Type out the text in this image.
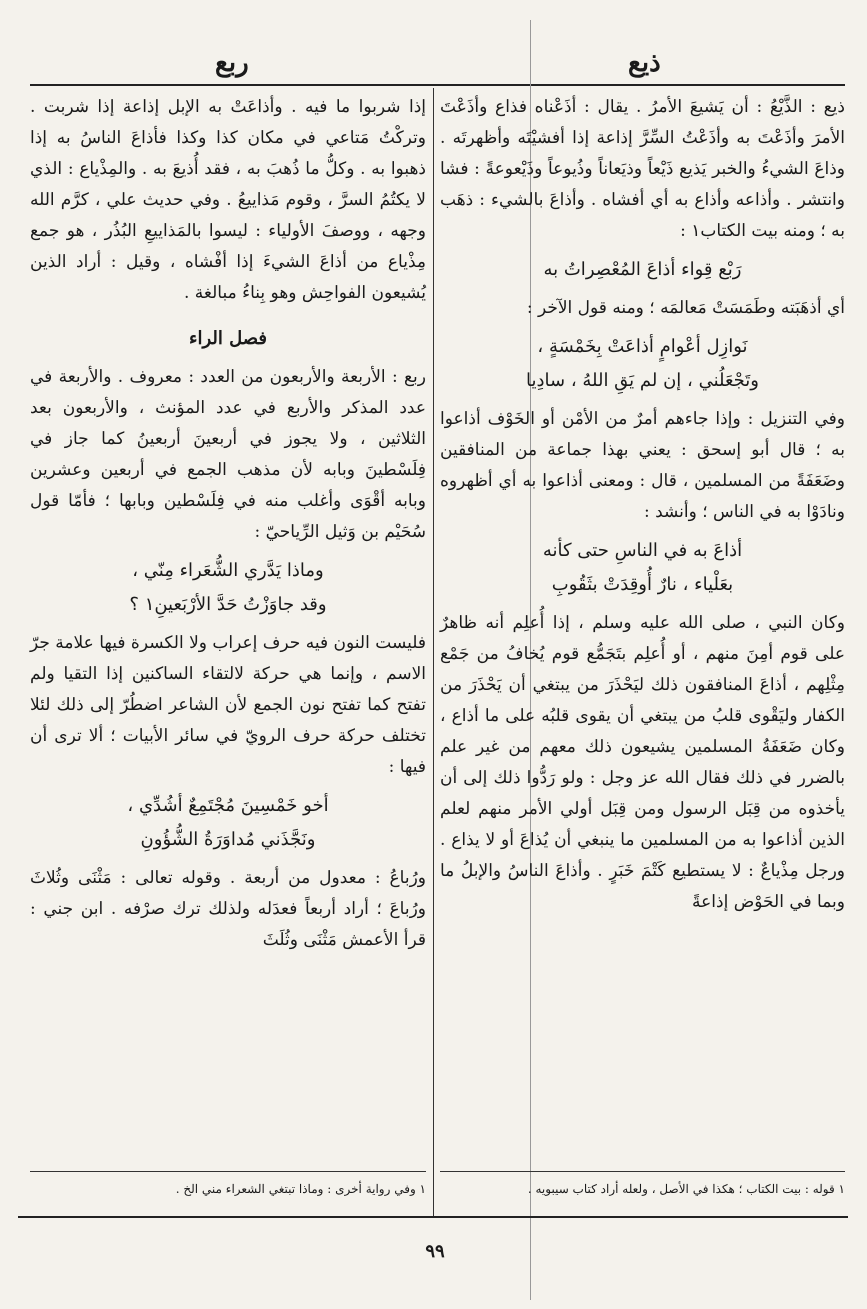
ذيع
ربع

ذيع : الذَّيْعُ : أن يَشيعَ الأمرُ . يقال : أذَعْناه فذاع وأذَعْتَ الأمرَ وأذَعْتَ به وأذَعْتُ السِّرَّ إذاعة إذا أفشيْتَه وأظهرتَه . وذاعَ الشيءُ والخبر يَذيع ذَيْعاً وذيَعاناً وذُيوعاً وذَيْعوعةً : فشا وانتشر . وأذاعه وأذاع به أي أفشاه . وأذاعَ بالشيء : ذهَب به ؛ ومنه بيت الكتاب١ :

رَبْع قِواء أذاعَ المُعْصِراتُ به

أي أذهَبَته وطَمَسَتْ مَعالمَه ؛ ومنه قول الآخر :

نَوازِل أعْوامٍ أذاعَتْ بِخَمْسَةٍ ،

وتَجْعَلُني ، إن لم يَقِ اللهُ ، سادِيا

وفي التنزيل : وإذا جاءهم أمرٌ من الأمْن أو الخَوْف أذاعوا به ؛ قال أبو إسحق : يعني بهذا جماعة من المنافقين وضَعَفَةً من المسلمين ، قال : ومعنى أذاعوا به أي أظهروه ونادَوْا به في الناس ؛ وأنشد :

أذاعَ به في الناسِ حتى كأنه

بعَلْياء ، نارٌ أُوقِدَتْ بثَقُوبِ

وكان النبي ، صلى الله عليه وسلم ، إذا أُعلِم أنه ظاهرٌ على قوم أمِنَ منهم ، أو أُعلِم بتَجَمُّع قوم يُخافُ من جَمْع مِثْلِهم ، أذاعَ المنافقون ذلك ليَحْذَرَ من يبتغي أن يَحْذَرَ من الكفار وليَقْوى قلبُ من يبتغي أن يقوى قلبُه على ما أذاع ، وكان ضَعَفَةُ المسلمين يشيعون ذلك معهم من غير علم بالضرر في ذلك فقال الله عز وجل : ولو رَدُّوا ذلك إلى أن يأخذوه من قِبَل الرسول ومن قِبَل أولي الأمر منهم لعلم الذين أذاعوا به من المسلمين ما ينبغي أن يُذاعَ أو لا يذاع . ورجل مِذْياعٌ : لا يستطيع كَتْمَ خَبَرٍ . وأذاعَ الناسُ والإبلُ ما وبما في الحَوْض إذاعةً

إذا شربوا ما فيه . وأذاعَتْ به الإبل إذاعة إذا شربت . وتركْتُ مَتاعي في مكان كذا وكذا فأذاعَ الناسُ به إذا ذهبوا به . وكلُّ ما ذُهبَ به ، فقد أُذيعَ به . والمِذْياع : الذي لا يكتُمُ السرَّ ، وقوم مَذاييعُ . وفي حديث علي ، كرَّم الله وجهه ، ووصفَ الأولياء : ليسوا بالمَذاييعِ البُذُر ، هو جمع مِذْياع من أذاعَ الشيءَ إذا أفْشاه ، وقيل : أراد الذين يُشيعون الفواحِش وهو بِناءُ مبالغة .

فصل الراء

ربع : الأربعة والأربعون من العدد : معروف . والأربعة في عدد المذكر والأربع في عدد المؤنث ، والأربعون بعد الثلاثين ، ولا يجوز في أربعينَ أربعينُ كما جاز في فِلَسْطينَ وبابه لأن مذهب الجمع في أربعين وعشرين وبابه أقْوَى وأغلب منه في فِلَسْطين وبابها ؛ فأمّا قول سُحَيْم بن وَثيل الرِّياحيّ :

وماذا يَدَّري الشُّعَراء مِنّي ،

وقد جاوَزْتُ حَدَّ الأرْبَعينِ١ ؟

فليست النون فيه حرف إعراب ولا الكسرة فيها علامة جرّ الاسم ، وإنما هي حركة لالتقاء الساكنين إذا التقيا ولم تفتح كما تفتح نون الجمع لأن الشاعر اضطُرّ إلى ذلك لئلا تختلف حركة حرف الرويّ في سائر الأبيات ؛ ألا ترى أن فيها :

أخو خَمْسِينَ مُجْتَمِعٌ أشُدِّي ،

ونَجَّذَني مُداوَرَةُ الشُّؤُونِ

ورُباعُ : معدول من أربعة . وقوله تعالى : مَثْنَى وثُلاثَ ورُباعَ ؛ أراد أربعاً فعدَله ولذلك ترك صرْفه . ابن جني : قرأ الأعمش مَثْنَى وثُلَثَ

١ قوله : بيت الكتاب ؛ هكذا في الأصل ، ولعله أراد كتاب سيبويه .
١ وفي رواية أخرى : وماذا تبتغي الشعراء مني الخ .
٩٩
